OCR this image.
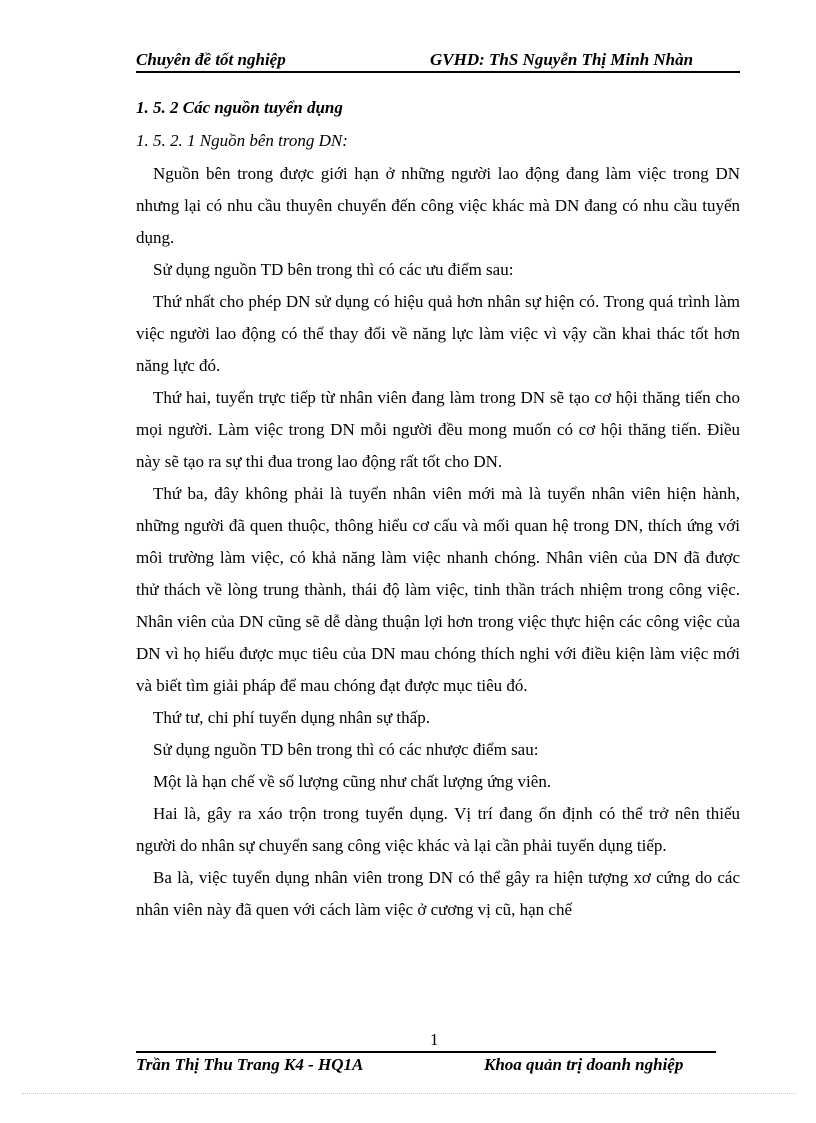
Chuyên đề tốt nghiệp	GVHD: ThS Nguyễn Thị Minh Nhàn
1. 5. 2 Các nguồn tuyển dụng
1. 5. 2. 1 Nguồn bên trong DN:

Nguồn bên trong được giới hạn ở những người lao động đang làm việc trong DN nhưng lại có nhu cầu thuyên chuyển đến công việc khác mà DN đang có nhu cầu tuyển dụng.

Sử dụng nguồn TD bên trong thì có các ưu điểm sau:

Thứ nhất cho phép DN sử dụng có hiệu quả hơn nhân sự hiện có. Trong quá trình làm việc người lao động có thể thay đổi về năng lực làm việc vì vậy cần khai thác tốt hơn năng lực đó.

Thứ hai, tuyển trực tiếp từ nhân viên đang làm trong DN sẽ tạo cơ hội thăng tiến cho mọi người. Làm việc trong DN mỗi người đều mong muốn có cơ hội thăng tiến. Điều này sẽ tạo ra sự thi đua trong lao động rất tốt cho DN.

Thứ ba, đây không phải là tuyển nhân viên mới mà là tuyển nhân viên hiện hành, những người đã quen thuộc, thông hiểu cơ cấu và mối quan hệ trong DN, thích ứng với môi trường làm việc, có khả năng làm việc nhanh chóng. Nhân viên của DN đã được thử thách về lòng trung thành, thái độ làm việc, tinh thần trách nhiệm trong công việc. Nhân viên của DN cũng sẽ dễ dàng thuận lợi hơn trong việc thực hiện các công việc của DN vì họ hiểu được mục tiêu của DN mau chóng thích nghi với điều kiện làm việc mới và biết tìm giải pháp để mau chóng đạt được mục tiêu đó.

Thứ tư, chi phí tuyển dụng nhân sự thấp.

Sử dụng nguồn TD bên trong thì có các nhược điểm sau:

Một là hạn chế về số lượng cũng như chất lượng ứng viên.

Hai là, gây ra xáo trộn trong tuyển dụng. Vị trí đang ổn định có thể trở nên thiếu người do nhân sự chuyển sang công việc khác và lại cần phải tuyển dụng tiếp.

Ba là, việc tuyển dụng nhân viên trong DN có thể gây ra hiện tượng xơ cứng do các nhân viên này đã quen với cách làm việc ở cương vị cũ, hạn chế

1
Trần Thị Thu Trang K4 - HQ1A	Khoa quản trị doanh nghiệp
